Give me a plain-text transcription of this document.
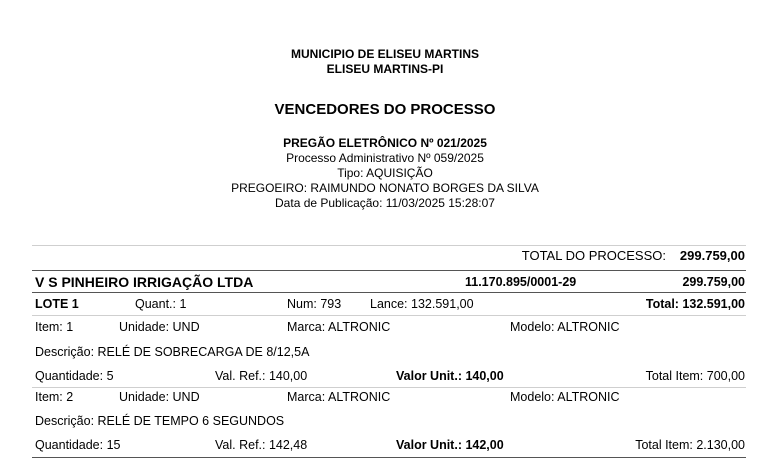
MUNICIPIO DE ELISEU MARTINS
ELISEU MARTINS-PI
VENCEDORES DO PROCESSO
PREGÃO ELETRÔNICO Nº 021/2025
Processo Administrativo Nº 059/2025
Tipo: AQUISIÇÃO
PREGOEIRO: RAIMUNDO NONATO BORGES DA SILVA
Data de Publicação: 11/03/2025 15:28:07
TOTAL DO PROCESSO: 299.759,00
V S PINHEIRO IRRIGAÇÃO LTDA	11.170.895/0001-29	299.759,00
LOTE 1	Quant.: 1	Num: 793 Lance: 132.591,00	Total: 132.591,00
Item: 1	Unidade: UND	Marca: ALTRONIC	Modelo: ALTRONIC
Descrição: RELÉ DE SOBRECARGA DE 8/12,5A
Quantidade: 5	Val. Ref.: 140,00	Valor Unit.: 140,00	Total Item: 700,00
Item: 2	Unidade: UND	Marca: ALTRONIC	Modelo: ALTRONIC
Descrição: RELÉ DE TEMPO 6 SEGUNDOS
Quantidade: 15	Val. Ref.: 142,48	Valor Unit.: 142,00	Total Item: 2.130,00
